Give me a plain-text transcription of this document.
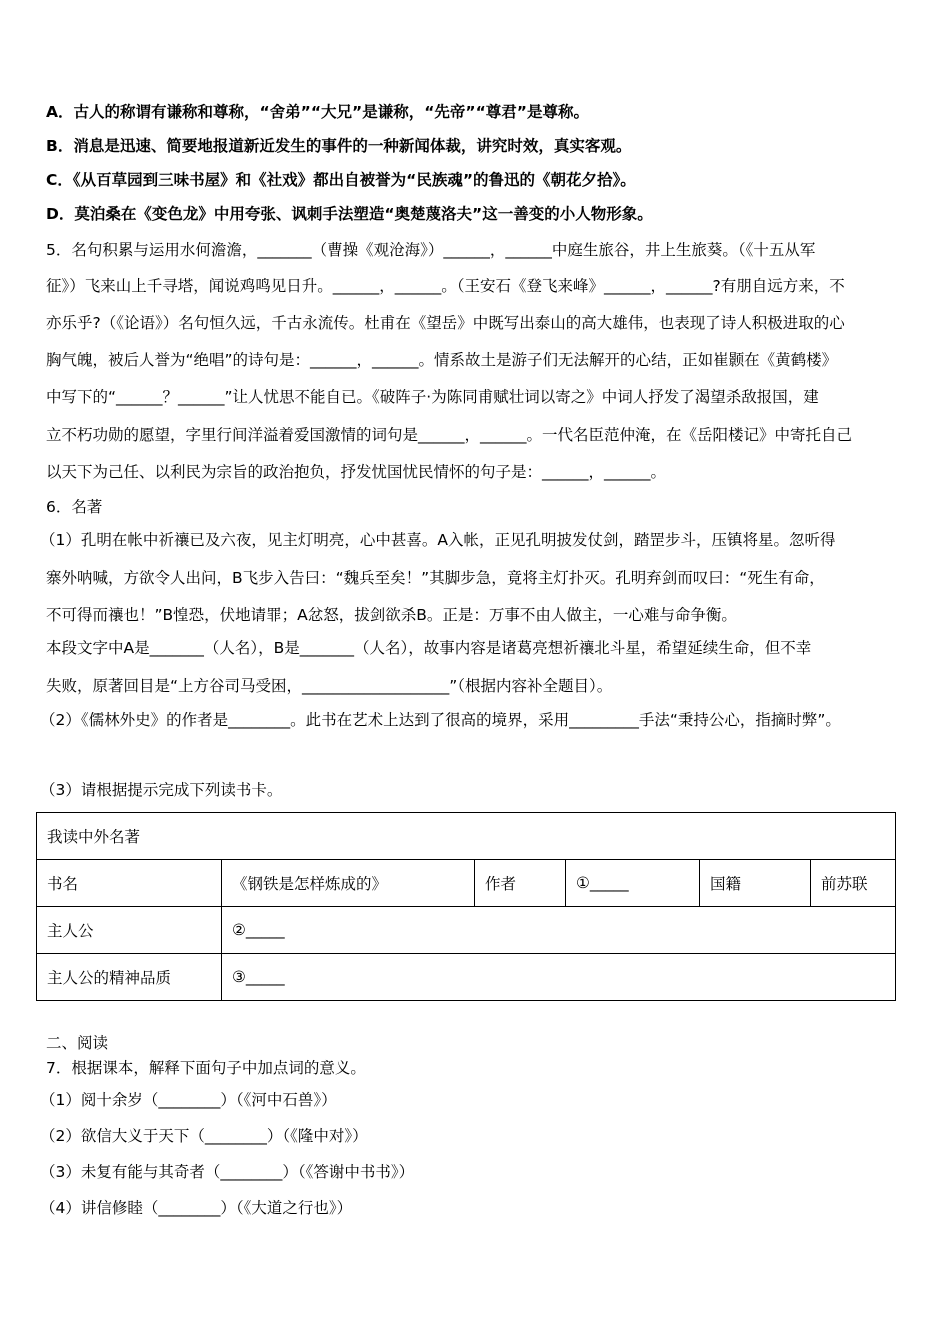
A．古人的称谓有谦称和尊称，“舍弟”“大兄”是谦称，“先帝”“尊君”是尊称。
B．消息是迅速、简要地报道新近发生的事件的一种新闻体裁，讲究时效，真实客观。
C．《从百草园到三味书屋》和《社戏》都出自被誉为“民族魂”的鲁迅的《朝花夕拾》。
D．莫泊桑在《变色龙》中用夸张、讽刺手法塑造“奥楚蔑洛夫”这一善变的小人物形象。
5．名句积累与运用水何澹澹，_______（曹操《观沧海》）______，______中庭生旅谷，井上生旅葵。（《十五从军
征》）飞来山上千寻塔，闻说鸡鸣见日升。______，______。（王安石《登飞来峰》______，______?有朋自远方来，不
亦乐乎?（《论语》）名句恒久远，千古永流传。杜甫在《望岳》中既写出泰山的高大雄伟，也表现了诗人积极进取的心
胸气魄，被后人誉为“绝唱”的诗句是：______，______。情系故土是游子们无法解开的心结，正如崔颢在《黄鹤楼》
中写下的“______？______”让人忧思不能自已。《破阵子·为陈同甫赋壮词以寄之》中词人抒发了渴望杀敌报国，建
立不朽功勋的愿望，字里行间洋溢着爱国激情的词句是______，______。一代名臣范仲淹，在《岳阳楼记》中寄托自己
以天下为己任、以利民为宗旨的政治抱负，抒发忧国忧民情怀的句子是：______，______。
6．名著
（1）孔明在帐中祈禳已及六夜，见主灯明亮，心中甚喜。A入帐，正见孔明披发仗剑，踏罡步斗，压镇将星。忽听得
寨外呐喊，方欲令人出问，B飞步入告曰：“魏兵至矣！”其脚步急，竟将主灯扑灭。孔明弃剑而叹曰：“死生有命，
不可得而禳也！”B惶恐，伏地请罪；A忿怒，拔剑欲杀B。正是：万事不由人做主，一心难与命争衡。
本段文字中A是_______（人名），B是_______（人名），故事内容是诸葛亮想祈禳北斗星，希望延续生命，但不幸
失败，原著回目是“上方谷司马受困，___________________”（根据内容补全题目）。
（2）《儒林外史》的作者是________。此书在艺术上达到了很高的境界，采用_________手法“秉持公心，指摘时弊”。
（3）请根据提示完成下列读书卡。
我读中外名著					
书名	《钢铁是怎样炼成的》	作者	①_____	国籍	前苏联
主人公	②_____				
主人公的精神品质	③_____				
二、阅读
7．根据课本，解释下面句子中加点词的意义。
（1）阅十余岁（________）（《河中石兽》）
（2）欲信大义于天下（________）（《隆中对》）
（3）未复有能与其奇者（________）（《答谢中书书》）
（4）讲信修睦（________）（《大道之行也》）
